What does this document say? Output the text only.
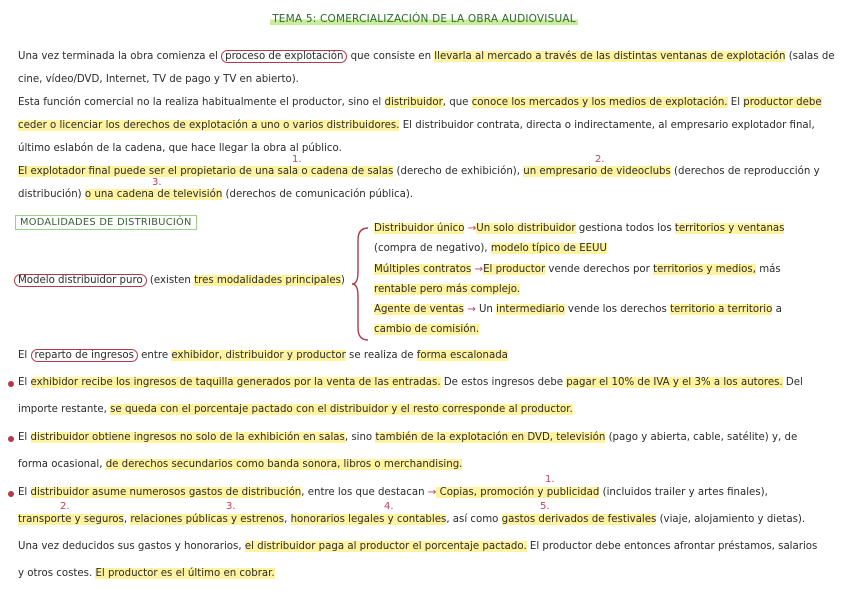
TEMA 5: COMERCIALIZACIÓN DE LA OBRA AUDIOVISUAL
Una vez terminada la obra comienza el proceso de explotación que consiste en llevarla al mercado a través de las distintas ventanas de explotación (salas de
cine, vídeo/DVD, Internet, TV de pago y TV en abierto).
Esta función comercial no la realiza habitualmente el productor, sino el distribuidor, que conoce los mercados y los medios de explotación. El productor debe
ceder o licenciar los derechos de explotación a uno o varios distribuidores. El distribuidor contrata, directa o indirectamente, al empresario explotador final,
último eslabón de la cadena, que hace llegar la obra al público.
1.	2.
El explotador final puede ser el propietario de una sala o cadena de salas (derecho de exhibición), un empresario de videoclubs (derechos de reproducción y
3.
distribución) o una cadena de televisión (derechos de comunicación pública).
MODALIDADES DE DISTRIBUCIÓN
Modelo distribuidor puro (existen tres modalidades principales)
Distribuidor único →Un solo distribuidor gestiona todos los territorios y ventanas
(compra de negativo), modelo típico de EEUU
Múltiples contratos →El productor vende derechos por territorios y medios, más
rentable pero más complejo.
Agente de ventas → Un intermediario vende los derechos territorio a territorio a
cambio de comisión.
El reparto de ingresos entre exhibidor, distribuidor y productor se realiza de forma escalonada
El exhibidor recibe los ingresos de taquilla generados por la venta de las entradas. De estos ingresos debe pagar el 10% de IVA y el 3% a los autores. Del
importe restante, se queda con el porcentaje pactado con el distribuidor y el resto corresponde al productor.
El distribuidor obtiene ingresos no solo de la exhibición en salas, sino también de la explotación en DVD, televisión (pago y abierta, cable, satélite) y, de
forma ocasional, de derechos secundarios como banda sonora, libros o merchandising.
1.
El distribuidor asume numerosos gastos de distribución, entre los que destacan → Copias, promoción y publicidad (incluidos trailer y artes finales),
2.	3.	4.	5.
transporte y seguros, relaciones públicas y estrenos, honorarios legales y contables, así como gastos derivados de festivales (viaje, alojamiento y dietas).
Una vez deducidos sus gastos y honorarios, el distribuidor paga al productor el porcentaje pactado. El productor debe entonces afrontar préstamos, salarios
y otros costes. El productor es el último en cobrar.
